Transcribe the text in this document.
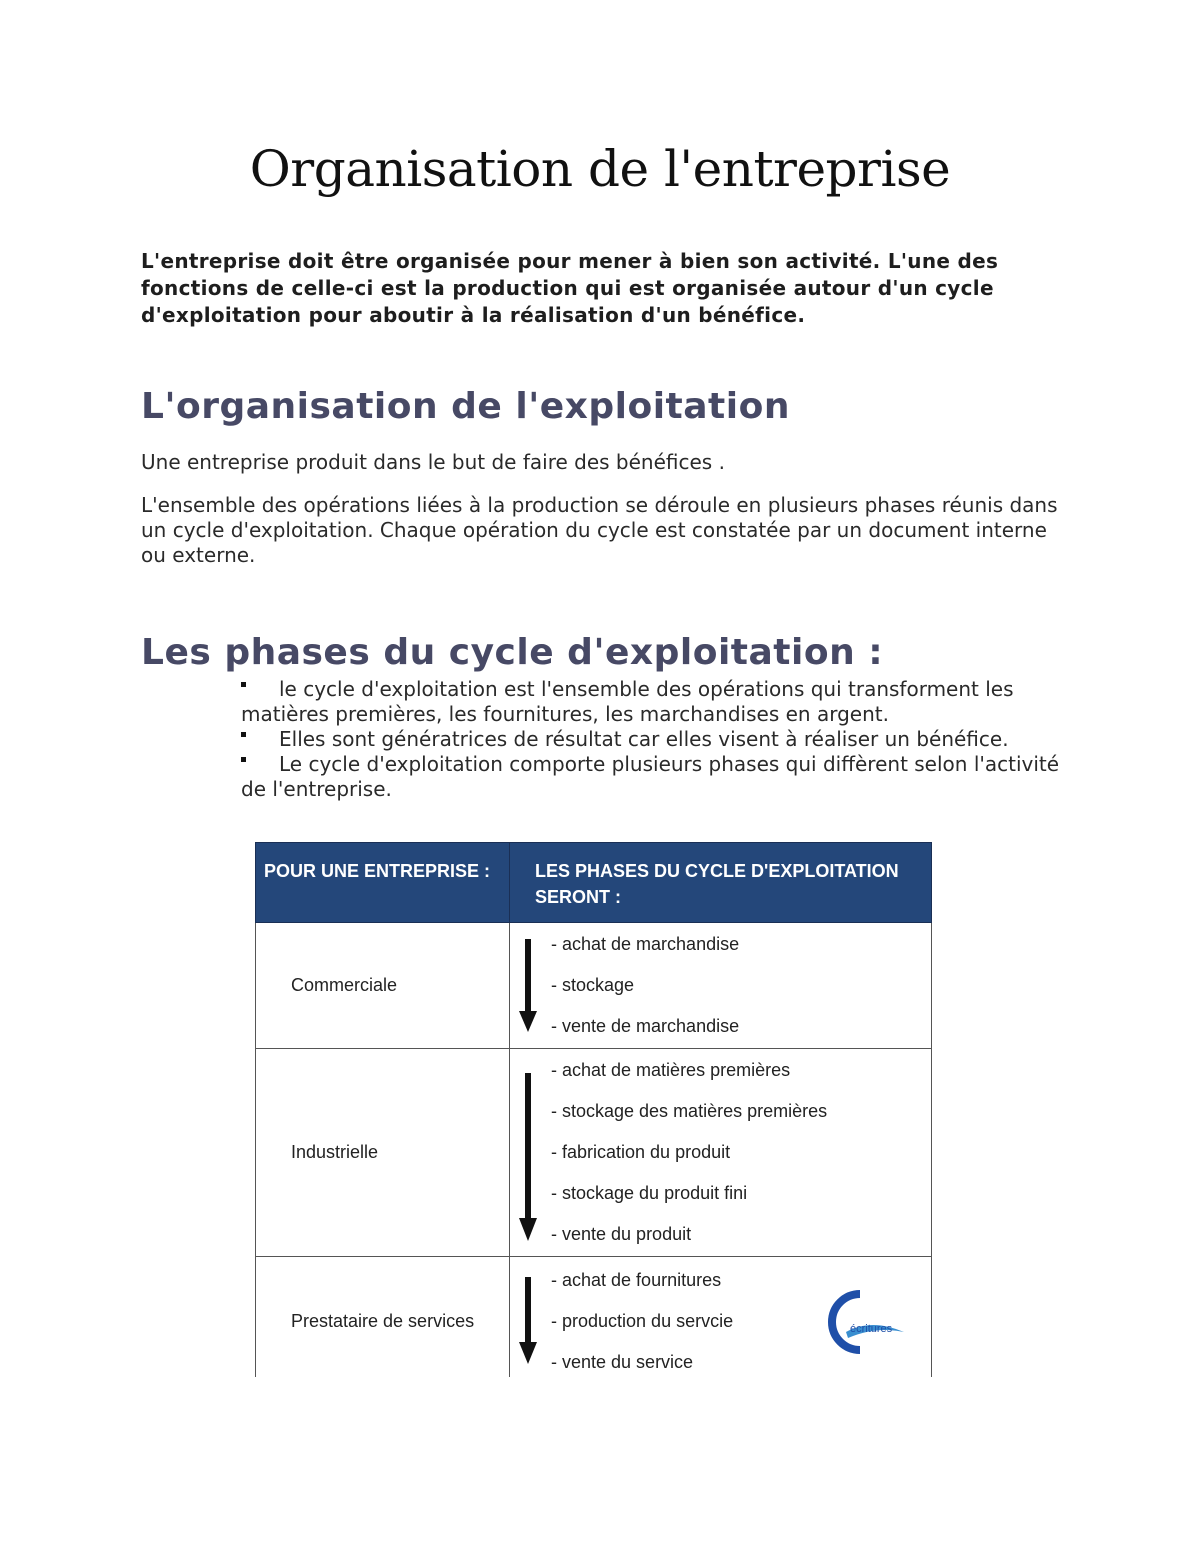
Organisation de l'entreprise
L'entreprise doit être organisée pour mener à bien son activité. L'une des fonctions de celle-ci est la production qui est organisée autour d'un cycle d'exploitation pour aboutir à la réalisation d'un bénéfice.
L'organisation de l'exploitation
Une entreprise produit dans le but de faire des bénéfices .
L'ensemble des opérations liées à la production se déroule en plusieurs phases réunis dans un cycle d'exploitation. Chaque opération du cycle est constatée par un document interne ou externe.
Les phases du cycle d'exploitation :
le cycle d'exploitation est l'ensemble des opérations qui transforment les matières premières, les fournitures, les marchandises en argent.
Elles sont génératrices de résultat car elles visent à réaliser un bénéfice.
Le cycle d'exploitation comporte plusieurs phases qui diffèrent selon l'activité de l'entreprise.
POUR UNE ENTREPRISE :	LES PHASES DU CYCLE D'EXPLOITATION SERONT :
Commerciale	- achat de marchandise
- stockage
- vente de marchandise

Industrielle	- achat de matières premières
- stockage des matières premières
- fabrication du produit
- stockage du produit fini
- vente du produit

Prestataire de services	- achat de fournitures
- production du servcie
- vente du service
écritures
